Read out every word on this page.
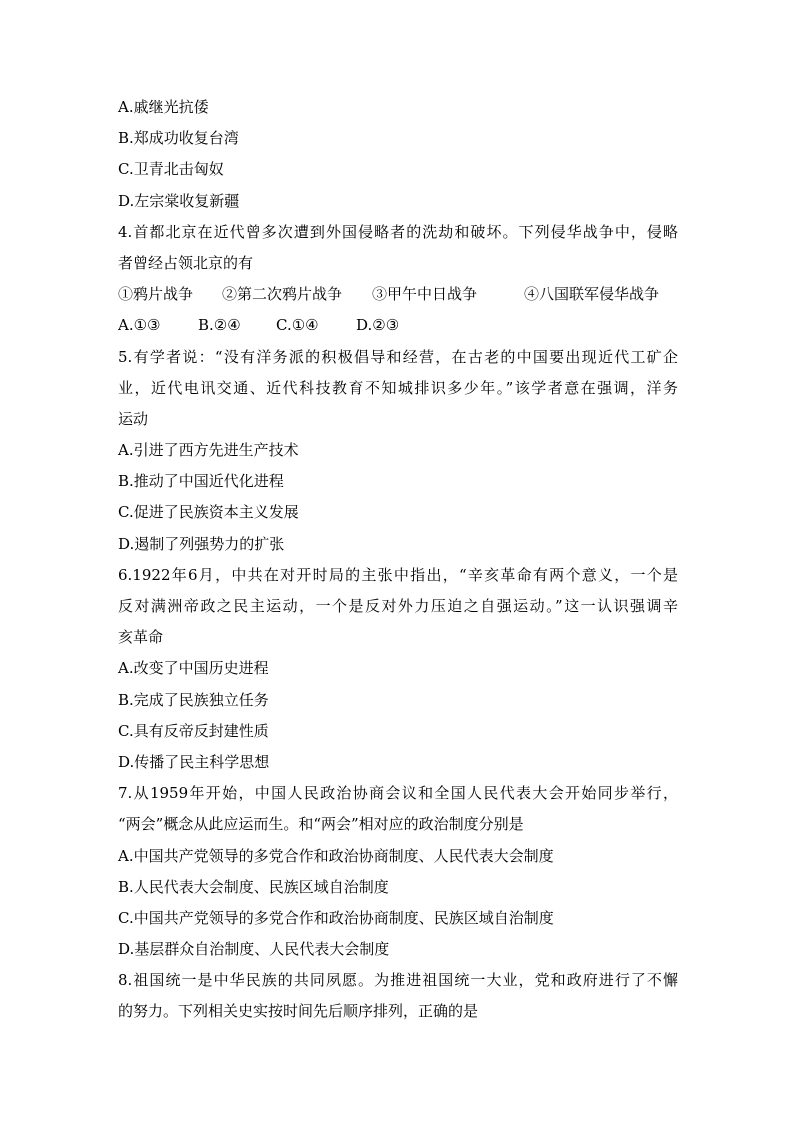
A.戚继光抗倭
B.郑成功收复台湾
C.卫青北击匈奴
D.左宗棠收复新疆
4.首都北京在近代曾多次遭到外国侵略者的洗劫和破坏。下列侵华战争中，侵略
者曾经占领北京的有
①鸦片战争 ②第二次鸦片战争 ③甲午中日战争	④八国联军侵华战争
A.①③	B.②④ C.①④ D.②③
5.有学者说：“没有洋务派的积极倡导和经营，在古老的中国要出现近代工矿企
业，近代电讯交通、近代科技教育不知城排识多少年。”该学者意在强调，洋务
运动
A.引进了西方先进生产技术
B.推动了中国近代化进程
C.促进了民族资本主义发展
D.遏制了列强势力的扩张
6.1922年6月，中共在对开时局的主张中指出，“辛亥革命有两个意义，一个是
反对满洲帝政之民主运动，一个是反对外力压迫之自强运动。”这一认识强调辛
亥革命
A.改变了中国历史进程
B.完成了民族独立任务
C.具有反帝反封建性质
D.传播了民主科学思想
7.从1959年开始，中国人民政治协商会议和全国人民代表大会开始同步举行，
“两会”概念从此应运而生。和“两会”相对应的政治制度分别是
A.中国共产党领导的多党合作和政治协商制度、人民代表大会制度
B.人民代表大会制度、民族区域自治制度
C.中国共产党领导的多党合作和政治协商制度、民族区域自治制度
D.基层群众自治制度、人民代表大会制度
8.祖国统一是中华民族的共同夙愿。为推进祖国统一大业，党和政府进行了不懈
的努力。下列相关史实按时间先后顺序排列，正确的是
